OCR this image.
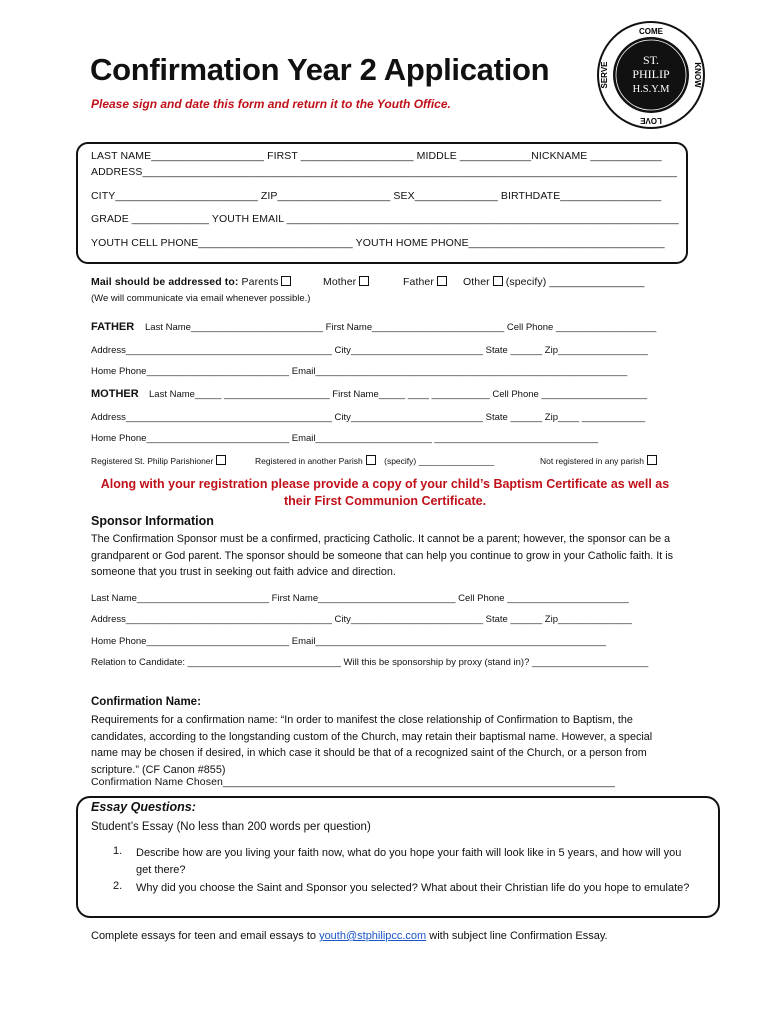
Confirmation Year 2 Application
Please sign and date this form and return it to the Youth Office.
COME
LOVE
SERVE	KNOW
ST.
PHILIP
H.S.Y.M
LAST NAME___________________ FIRST ___________________ MIDDLE ____________NICKNAME ____________
ADDRESS__________________________________________________________________________________________
CITY________________________ ZIP___________________ SEX______________ BIRTHDATE_________________
GRADE _____________ YOUTH EMAIL __________________________________________________________________
YOUTH CELL PHONE__________________________ YOUTH HOME PHONE_________________________________
Mail should be addressed to: Parents	Mother	Father	Other (specify) ________________
(We will communicate via email whenever possible.)
FATHER Last Name_________________________ First Name_________________________ Cell Phone ___________________
Address_______________________________________ City_________________________ State ______ Zip_________________
Home Phone___________________________ Email___________________________________________________________
MOTHER Last Name_____ ____________________ First Name_____ ____ ___________ Cell Phone ____________________
Address_______________________________________ City_________________________ State ______ Zip____ ____________
Home Phone___________________________ Email______________________ _______________________________
Registered St. Philip Parishioner	Registered in another Parish	(specify) ________________	Not registered in any parish
Along with your registration please provide a copy of your child’s Baptism Certificate as well as their First Communion Certificate.
Sponsor Information
The Confirmation Sponsor must be a confirmed, practicing Catholic. It cannot be a parent; however, the sponsor can be a grandparent or God parent. The sponsor should be someone that can help you continue to grow in your Catholic faith. It is someone that you trust in seeking out faith advice and direction.
Last Name_________________________ First Name__________________________ Cell Phone _______________________
Address_______________________________________ City_________________________ State ______ Zip______________
Home Phone___________________________ Email_______________________________________________________
Relation to Candidate: _____________________________ Will this be sponsorship by proxy (stand in)? ______________________
Confirmation Name:
Requirements for a confirmation name: “In order to manifest the close relationship of Confirmation to Baptism, the candidates, according to the longstanding custom of the Church, may retain their baptismal name. However, a special name may be chosen if desired, in which case it should be that of a recognized saint of the Church, or a person from scripture.” (CF Canon #855)
Confirmation Name Chosen__________________________________________________________________
Essay Questions:
Student’s Essay (No less than 200 words per question)
1. Describe how are you living your faith now, what do you hope your faith will look like in 5 years, and how will you get there?
2. Why did you choose the Saint and Sponsor you selected? What about their Christian life do you hope to emulate?
Complete essays for teen and email essays to youth@stphilipcc.com with subject line Confirmation Essay.
